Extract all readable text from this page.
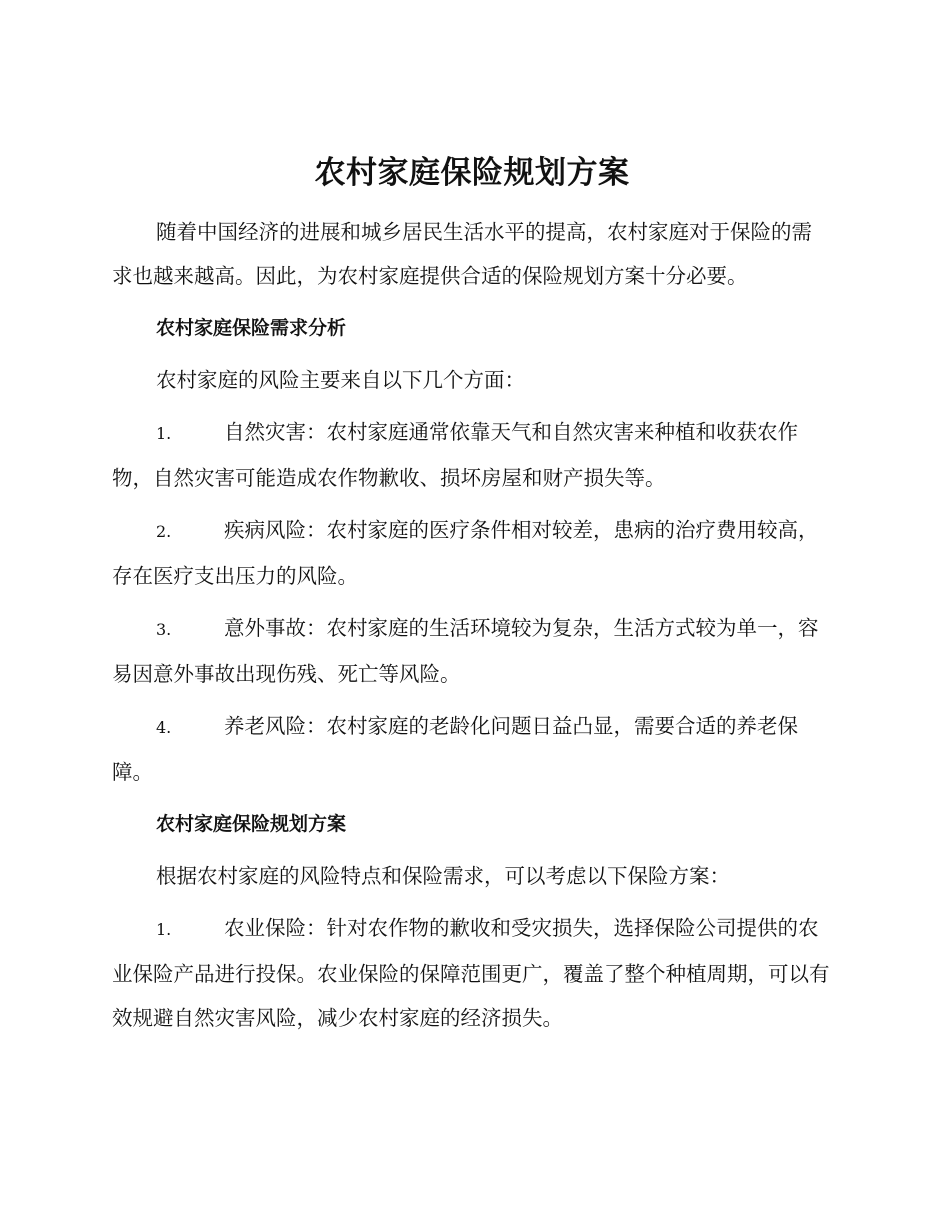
农村家庭保险规划方案

随着中国经济的进展和城乡居民生活水平的提高，农村家庭对于保险的需求也越来越高。因此，为农村家庭提供合适的保险规划方案十分必要。

农村家庭保险需求分析

农村家庭的风险主要来自以下几个方面：

1.	自然灾害：农村家庭通常依靠天气和自然灾害来种植和收获农作物，自然灾害可能造成农作物歉收、损坏房屋和财产损失等。

2.	疾病风险：农村家庭的医疗条件相对较差，患病的治疗费用较高，存在医疗支出压力的风险。

3.	意外事故：农村家庭的生活环境较为复杂，生活方式较为单一，容易因意外事故出现伤残、死亡等风险。

4.	养老风险：农村家庭的老龄化问题日益凸显，需要合适的养老保障。

农村家庭保险规划方案

根据农村家庭的风险特点和保险需求，可以考虑以下保险方案：

1.	农业保险：针对农作物的歉收和受灾损失，选择保险公司提供的农业保险产品进行投保。农业保险的保障范围更广，覆盖了整个种植周期，可以有效规避自然灾害风险，减少农村家庭的经济损失。
